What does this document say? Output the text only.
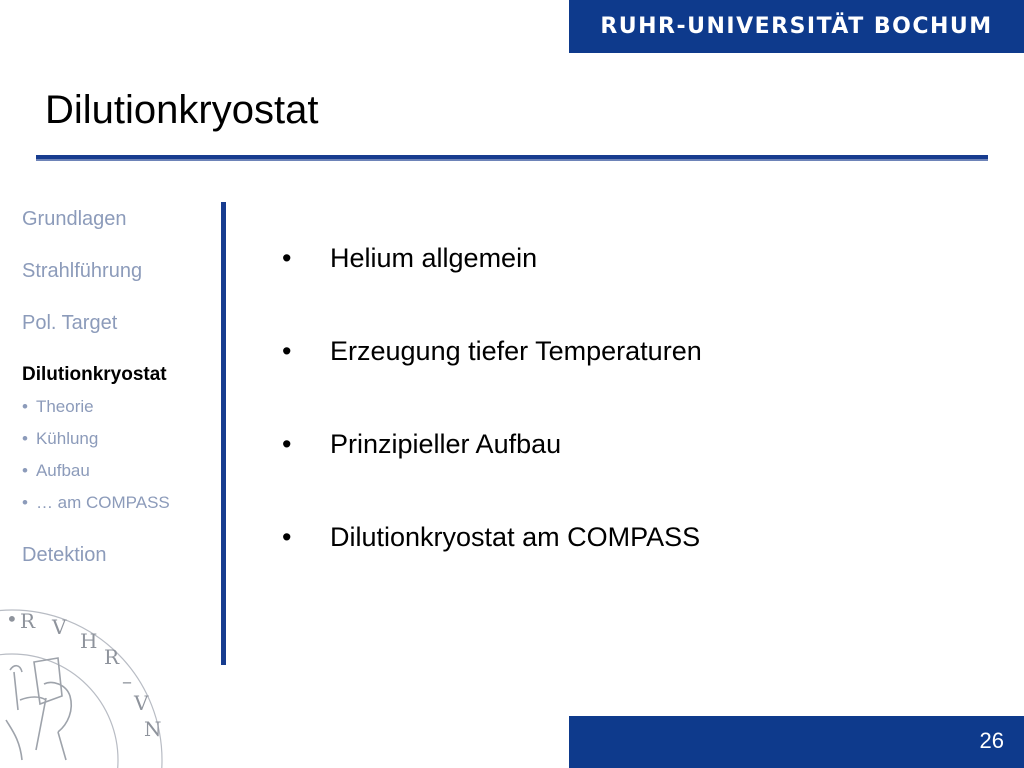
RUHR-UNIVERSITÄT BOCHUM
Dilutionkryostat
Grundlagen
Strahlführung
Pol. Target
Dilutionkryostat
• Theorie
• Kühlung
• Aufbau
• … am COMPASS
Detektion
•	Helium allgemein
•	Erzeugung tiefer Temperaturen
•	Prinzipieller Aufbau
•	Dilutionkryostat am COMPASS
• R V
H
R
–
V
N	26
